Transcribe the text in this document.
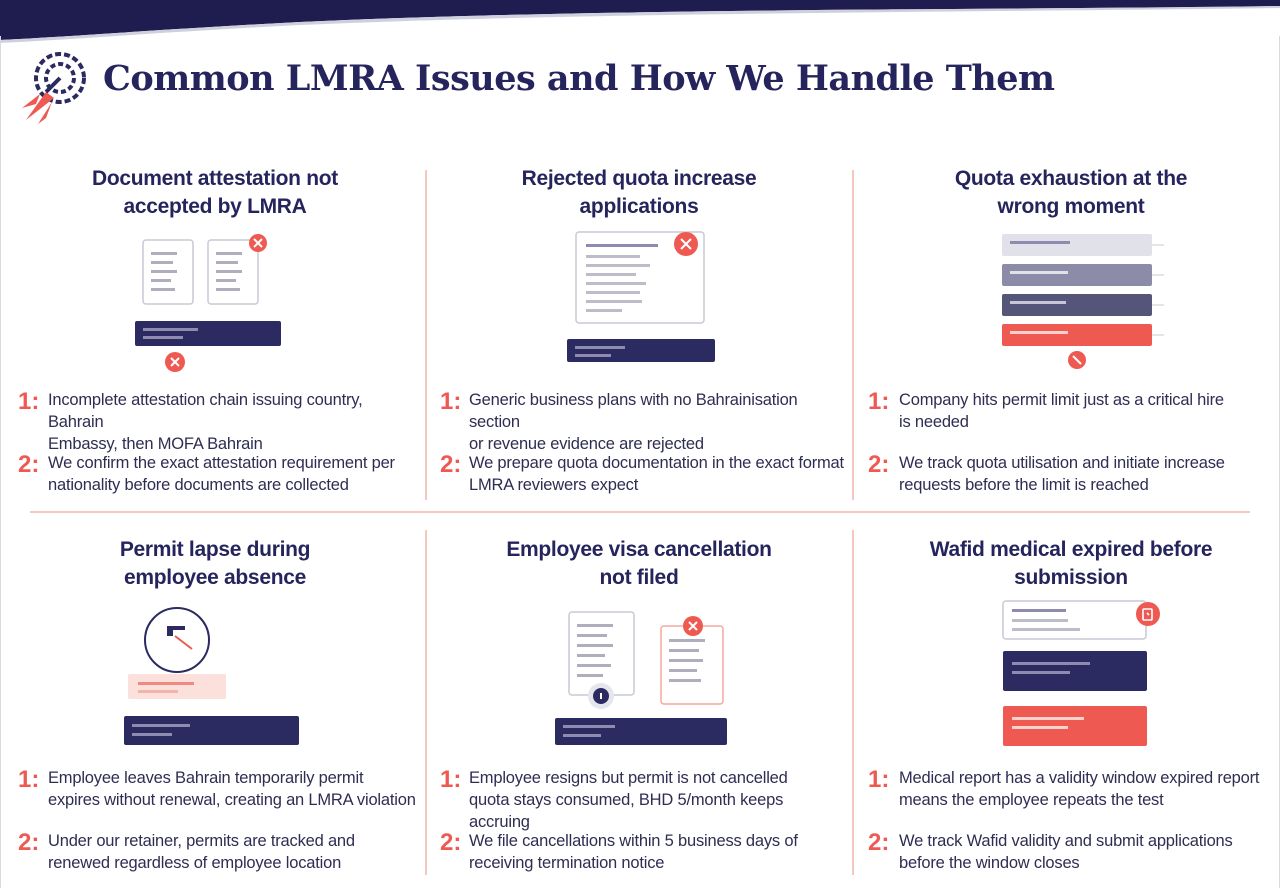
Common LMRA Issues and How We Handle Them
Document attestation not
accepted by LMRA
1: Incomplete attestation chain issuing country, Bahrain
Embassy, then MOFA Bahrain
2: We confirm the exact attestation requirement per
nationality before documents are collected
Rejected quota increase
applications
1: Generic business plans with no Bahrainisation section
or revenue evidence are rejected
2: We prepare quota documentation in the exact format
LMRA reviewers expect
Quota exhaustion at the
wrong moment
1: Company hits permit limit just as a critical hire
is needed
2: We track quota utilisation and initiate increase
requests before the limit is reached
Permit lapse during
employee absence
1: Employee leaves Bahrain temporarily permit
expires without renewal, creating an LMRA violation
2: Under our retainer, permits are tracked and
renewed regardless of employee location
Employee visa cancellation
not filed
1: Employee resigns but permit is not cancelled
quota stays consumed, BHD 5/month keeps accruing
2: We file cancellations within 5 business days of
receiving termination notice
Wafid medical expired before
submission
1: Medical report has a validity window expired report
means the employee repeats the test
2: We track Wafid validity and submit applications
before the window closes
